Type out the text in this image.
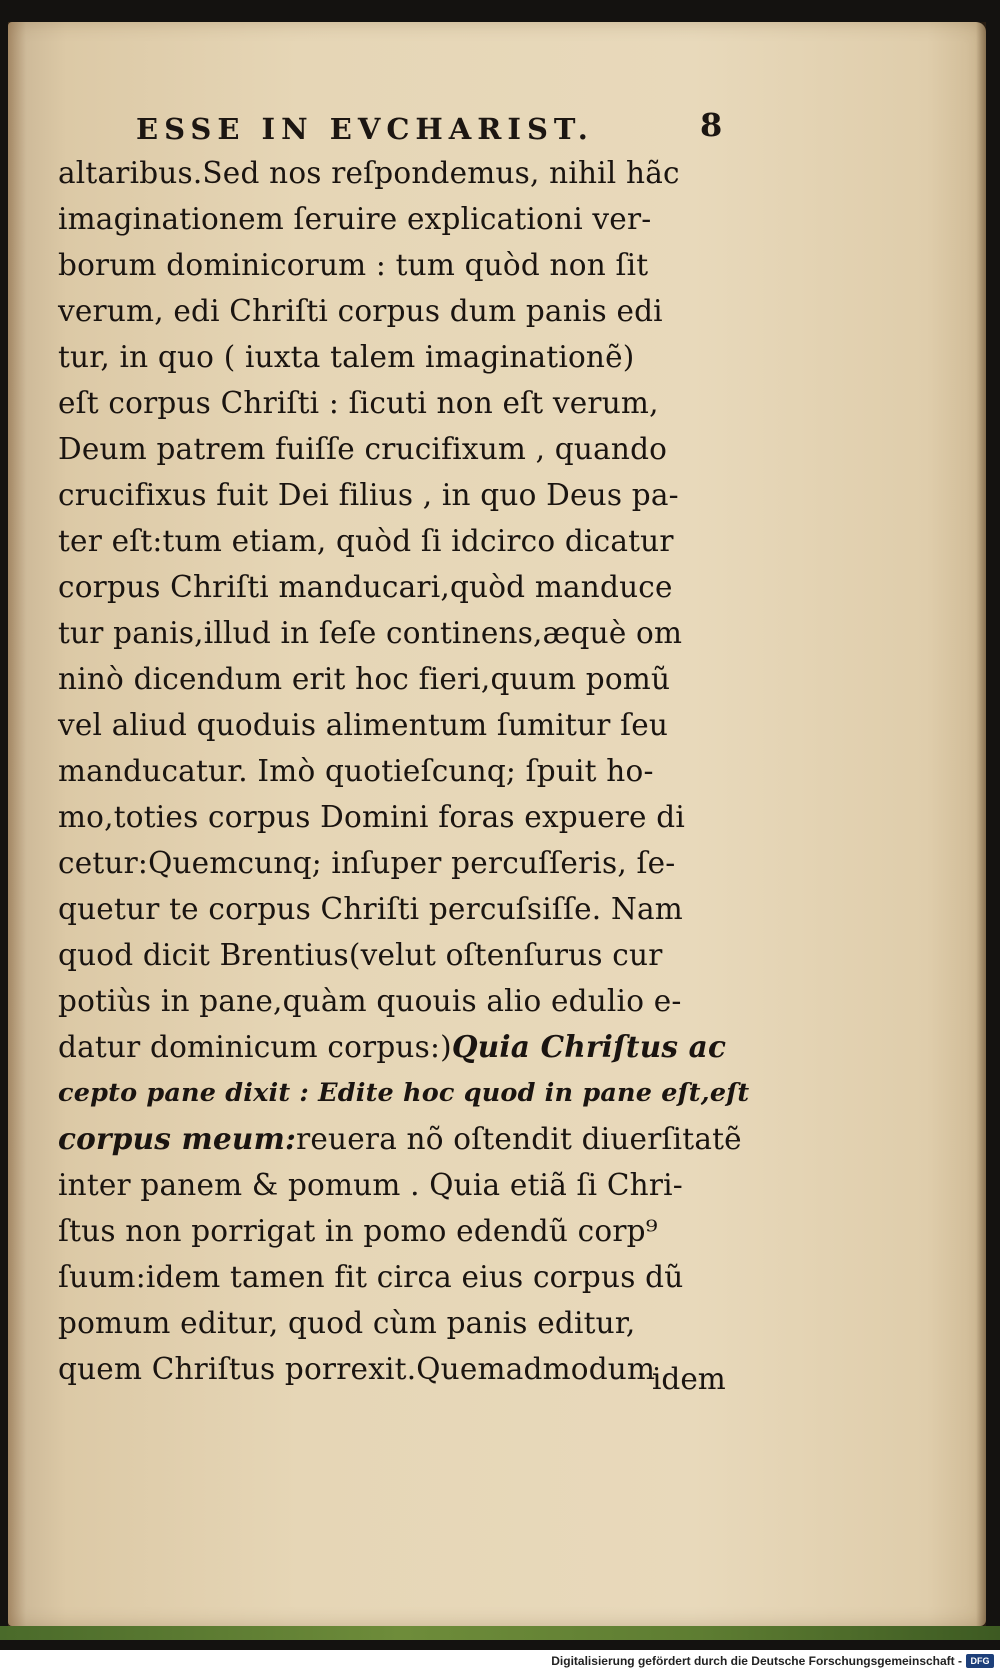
ESSE IN EVCHARIST.	8
altaribus.Sed nos reſpondemus, nihil hãc
imaginationem ſeruire explicationi ver‑
borum dominicorum : tum quòd non ſit
verum, edi Chriſti corpus dum panis edi
tur, in quo ( iuxta talem imaginationẽ)
eſt corpus Chriſti : ſicuti non eſt verum,
Deum patrem fuiſſe crucifixum , quando
crucifixus fuit Dei filius , in quo Deus pa‑
ter eſt:tum etiam, quòd ſi idcirco dicatur
corpus Chriſti manducari,quòd manduce
tur panis,illud in ſeſe continens,æquè om
ninò dicendum erit hoc fieri,quum pomũ
vel aliud quoduis alimentum ſumitur ſeu
manducatur. Imò quotieſcunq; ſpuit ho‑
mo,toties corpus Domini foras expuere di
cetur:Quemcunq; inſuper percuſſeris, ſe‑
quetur te corpus Chriſti percuſsiſſe. Nam
quod dicit Brentius(velut oſtenſurus cur
potiùs in pane,quàm quouis alio edulio e‑
datur dominicum corpus:)Quia Chriſtus ac
cepto pane dixit : Edite hoc quod in pane eſt,eſt
corpus meum:reuera nõ oſtendit diuerſitatẽ
inter panem & pomum . Quia etiã ſi Chri‑
ſtus non porrigat in pomo edendũ corp⁹
ſuum:idem tamen fit circa eius corpus dũ
pomum editur, quod cùm panis editur,
quem Chriſtus porrexit.Quemadmodum
idem
Digitalisierung gefördert durch die Deutsche Forschungsgemeinschaft - DFG
